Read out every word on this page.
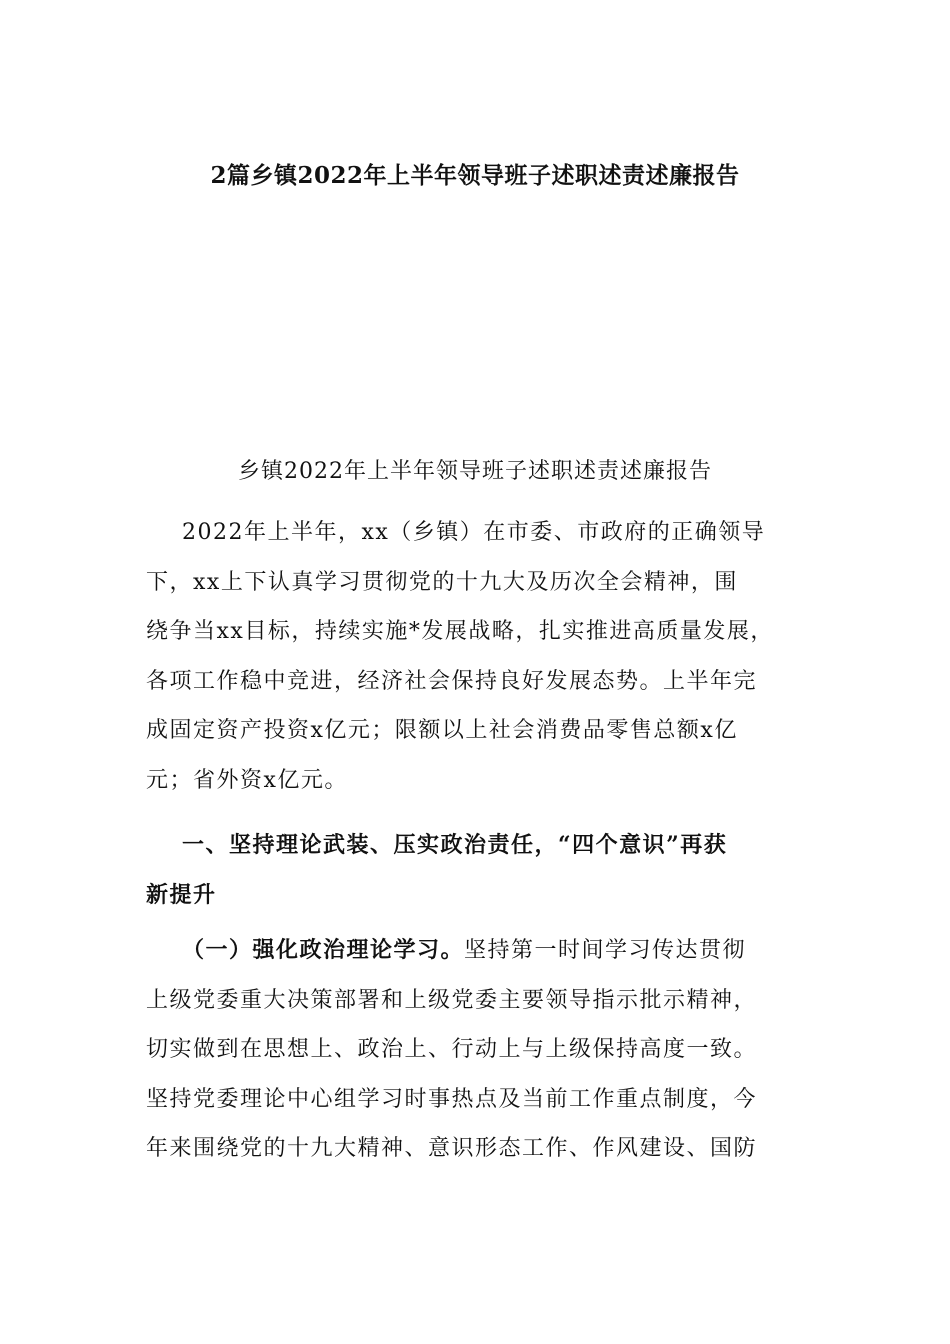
2篇乡镇2022年上半年领导班子述职述责述廉报告
乡镇2022年上半年领导班子述职述责述廉报告
2022年上半年，xx（乡镇）在市委、市政府的正确领导
下，xx上下认真学习贯彻党的十九大及历次全会精神，围
绕争当xx目标，持续实施*发展战略，扎实推进高质量发展，
各项工作稳中竞进，经济社会保持良好发展态势。上半年完
成固定资产投资x亿元；限额以上社会消费品零售总额x亿
元；省外资x亿元。
一、坚持理论武装、压实政治责任，“四个意识”再获
新提升
（一）强化政治理论学习。坚持第一时间学习传达贯彻
上级党委重大决策部署和上级党委主要领导指示批示精神，
切实做到在思想上、政治上、行动上与上级保持高度一致。
坚持党委理论中心组学习时事热点及当前工作重点制度，今
年来围绕党的十九大精神、意识形态工作、作风建设、国防
